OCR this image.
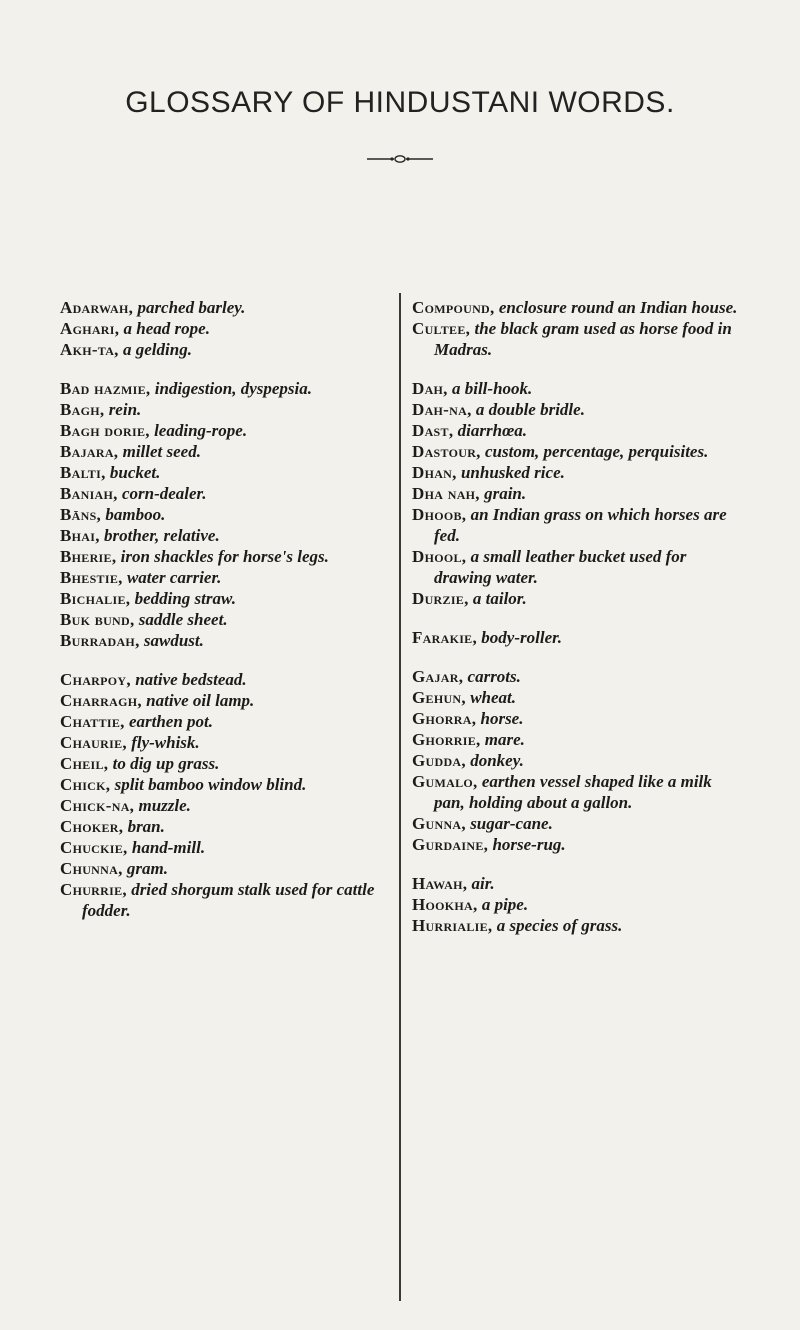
GLOSSARY OF HINDUSTANI WORDS.

Adarwah, parched barley.

Aghari, a head rope.

Akh-ta, a gelding.

Bad hazmie, indigestion, dyspepsia.

Bagh, rein.

Bagh dorie, leading-rope.

Bajara, millet seed.

Balti, bucket.

Baniah, corn-dealer.

Bāns, bamboo.

Bhai, brother, relative.

Bherie, iron shackles for horse's legs.

Bhestie, water carrier.

Bichalie, bedding straw.

Buk bund, saddle sheet.

Burradah, sawdust.

Charpoy, native bedstead.

Charragh, native oil lamp.

Chattie, earthen pot.

Chaurie, fly-whisk.

Cheil, to dig up grass.

Chick, split bamboo window blind.

Chick-na, muzzle.

Choker, bran.

Chuckie, hand-mill.

Chunna, gram.

Churrie, dried shorgum stalk used for cattle fodder.

Compound, enclosure round an Indian house.

Cultee, the black gram used as horse food in Madras.

Dah, a bill-hook.

Dah-na, a double bridle.

Dast, diarrhœa.

Dastour, custom, percentage, perquisites.

Dhan, unhusked rice.

Dha nah, grain.

Dhoob, an Indian grass on which horses are fed.

Dhool, a small leather bucket used for drawing water.

Durzie, a tailor.

Farakie, body-roller.

Gajar, carrots.

Gehun, wheat.

Ghorra, horse.

Ghorrie, mare.

Gudda, donkey.

Gumalo, earthen vessel shaped like a milk pan, holding about a gallon.

Gunna, sugar-cane.

Gurdaine, horse-rug.

Hawah, air.

Hookha, a pipe.

Hurrialie, a species of grass.
